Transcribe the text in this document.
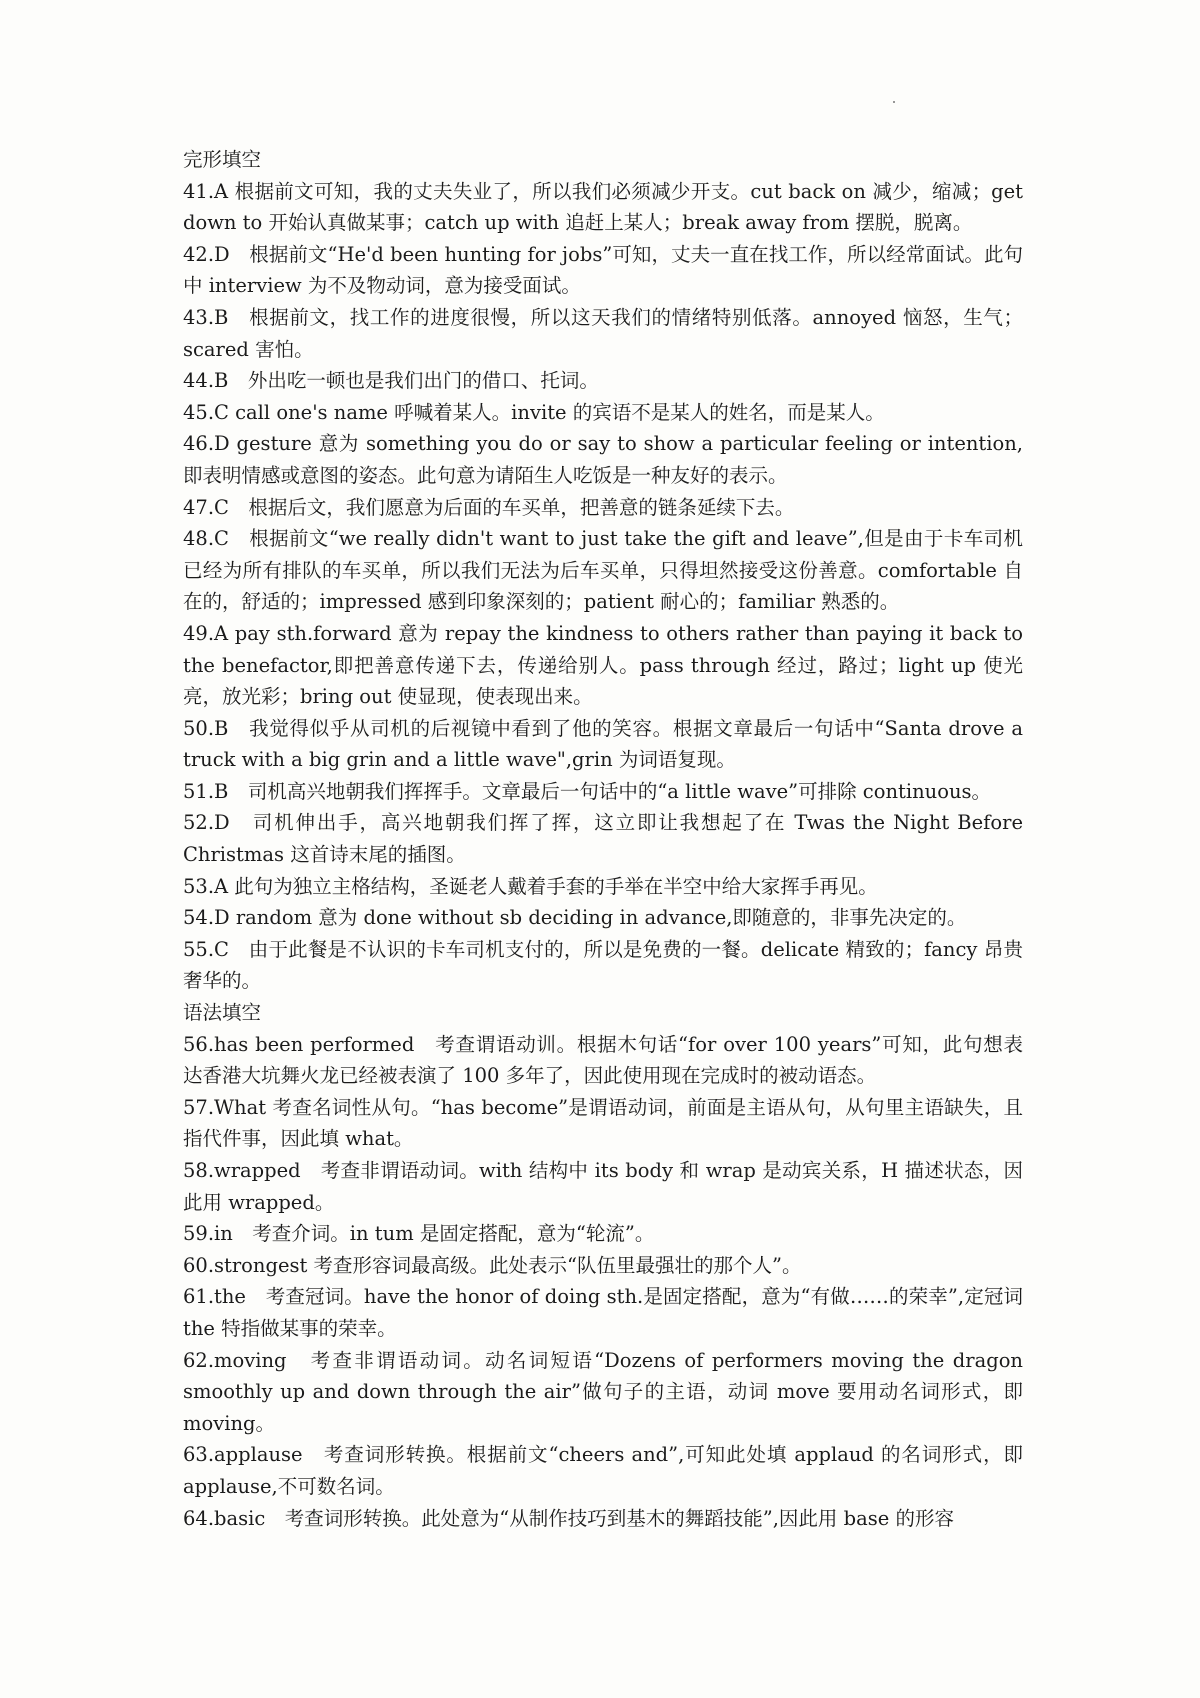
完形填空

41.A 根据前文可知，我的丈夫失业了，所以我们必须减少开支。cut back on 减少，缩减；get down to 开始认真做某事；catch up with 追赶上某人；break away from 摆脱，脱离。

42.D　根据前文“He'd been hunting for jobs”可知，丈夫一直在找工作，所以经常面试。此句中 interview 为不及物动词，意为接受面试。

43.B　根据前文，找工作的进度很慢，所以这天我们的情绪特别低落。annoyed 恼怒，生气；scared 害怕。

44.B　外出吃一顿也是我们出门的借口、托词。

45.C call one's name 呼喊着某人。invite 的宾语不是某人的姓名，而是某人。

46.D gesture 意为 something you do or say to show a particular feeling or intention,即表明情感或意图的姿态。此句意为请陌生人吃饭是一种友好的表示。

47.C　根据后文，我们愿意为后面的车买单，把善意的链条延续下去。

48.C　根据前文“we really didn't want to just take the gift and leave”,但是由于卡车司机已经为所有排队的车买单，所以我们无法为后车买单，只得坦然接受这份善意。comfortable 自在的，舒适的；impressed 感到印象深刻的；patient 耐心的；familiar 熟悉的。

49.A pay sth.forward 意为 repay the kindness to others rather than paying it back to the benefactor,即把善意传递下去，传递给别人。pass through 经过，路过；light up 使光亮，放光彩；bring out 使显现，使表现出来。

50.B　我觉得似乎从司机的后视镜中看到了他的笑容。根据文章最后一句话中“Santa drove a truck with a big grin and a little wave",grin 为词语复现。

51.B　司机高兴地朝我们挥挥手。文章最后一句话中的“a little wave”可排除 continuous。

52.D　司机伸出手，高兴地朝我们挥了挥，这立即让我想起了在 Twas the Night Before Christmas 这首诗末尾的插图。

53.A 此句为独立主格结构，圣诞老人戴着手套的手举在半空中给大家挥手再见。

54.D random 意为 done without sb deciding in advance,即随意的，非事先决定的。

55.C　由于此餐是不认识的卡车司机支付的，所以是免费的一餐。delicate 精致的；fancy 昂贵奢华的。

语法填空

56.has been performed　考查谓语动训。根据木句话“for over 100 years”可知，此句想表达香港大坑舞火龙已经被表演了 100 多年了，因此使用现在完成时的被动语态。

57.What 考查名词性从句。“has become”是谓语动词，前面是主语从句，从句里主语缺失，且指代件事，因此填 what。

58.wrapped　考查非谓语动词。with 结构中 its body 和 wrap 是动宾关系，H 描述状态，因此用 wrapped。

59.in　考查介词。in tum 是固定搭配，意为“轮流”。

60.strongest 考查形容词最高级。此处表示“队伍里最强壮的那个人”。

61.the　考查冠词。have the honor of doing sth.是固定搭配，意为“有做……的荣幸”,定冠词 the 特指做某事的荣幸。

62.moving　考查非谓语动词。动名词短语“Dozens of performers moving the dragon smoothly up and down through the air”做句子的主语，动词 move 要用动名词形式，即 moving。

63.applause　考查词形转换。根据前文“cheers and”,可知此处填 applaud 的名词形式，即 applause,不可数名词。

64.basic　考查词形转换。此处意为“从制作技巧到基木的舞蹈技能”,因此用 base 的形容
